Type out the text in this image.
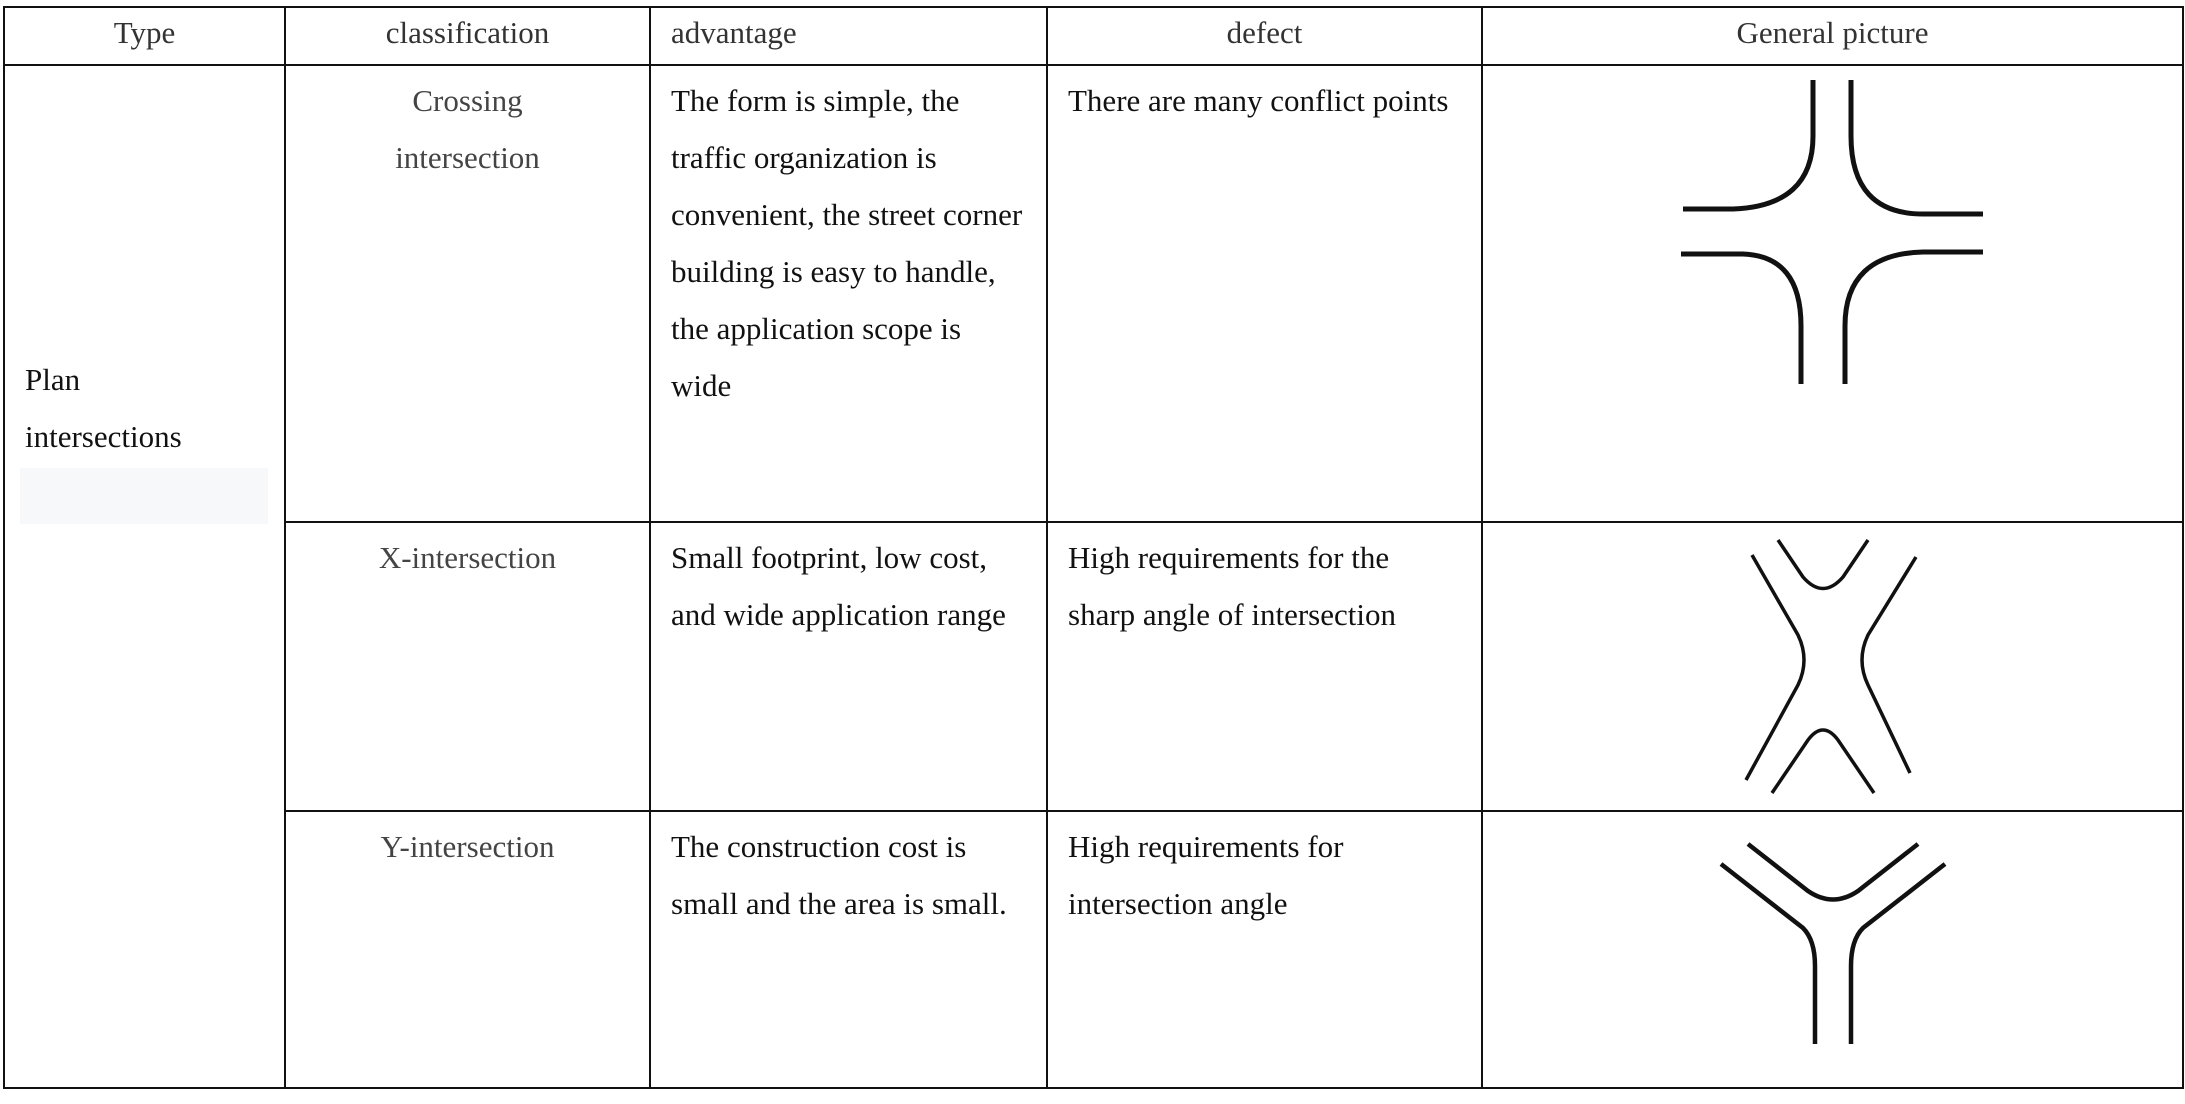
Type	classification	advantage	defect	General picture

Plan intersections	Crossing intersection	The form is simple, the traffic organization is convenient, the street corner building is easy to handle, the application scope is wide	There are many conflict points	

	X-intersection	Small footprint, low cost, and wide application range	High requirements for the sharp angle of intersection	

	Y-intersection	The construction cost is small and the area is small.	High requirements for intersection angle	
